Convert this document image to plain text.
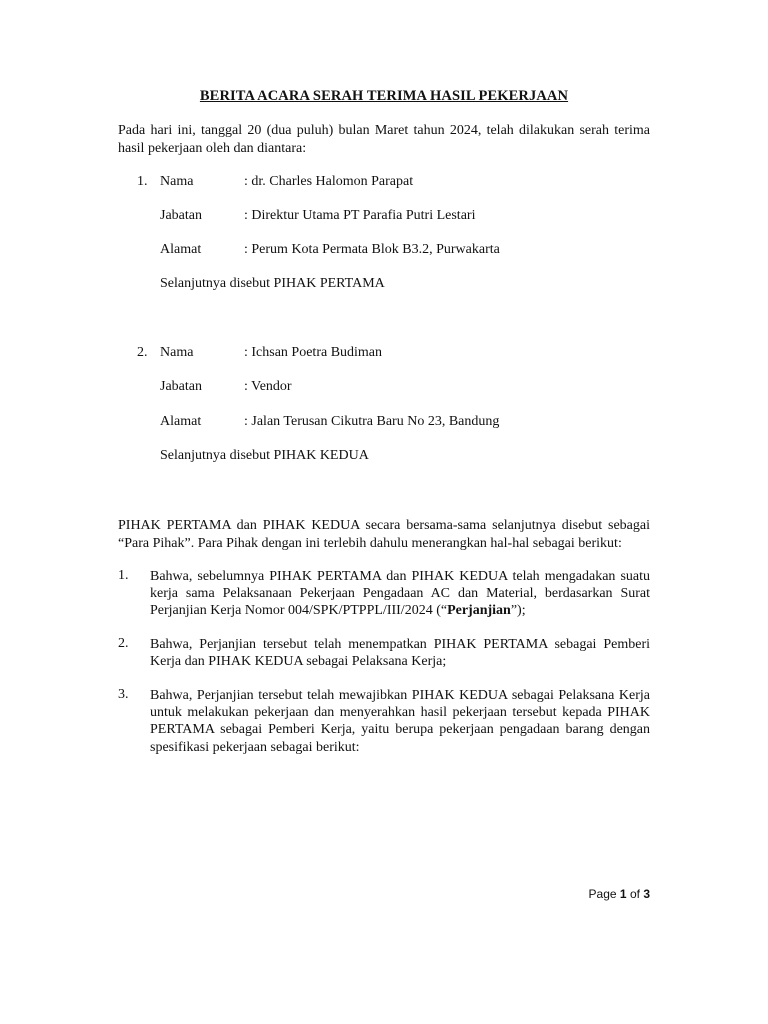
BERITA ACARA SERAH TERIMA HASIL PEKERJAAN
Pada hari ini, tanggal 20 (dua puluh) bulan Maret tahun 2024, telah dilakukan serah terima hasil pekerjaan oleh dan diantara:
1. Nama	: dr. Charles Halomon Parapat
Jabatan	: Direktur Utama PT Parafia Putri Lestari
Alamat	: Perum Kota Permata Blok B3.2, Purwakarta
Selanjutnya disebut PIHAK PERTAMA
2. Nama	: Ichsan Poetra Budiman
Jabatan	: Vendor
Alamat	: Jalan Terusan Cikutra Baru No 23, Bandung
Selanjutnya disebut PIHAK KEDUA
PIHAK PERTAMA dan PIHAK KEDUA secara bersama-sama selanjutnya disebut sebagai “Para Pihak”. Para Pihak dengan ini terlebih dahulu menerangkan hal-hal sebagai berikut:
1. Bahwa, sebelumnya PIHAK PERTAMA dan PIHAK KEDUA telah mengadakan suatu kerja sama Pelaksanaan Pekerjaan Pengadaan AC dan Material, berdasarkan Surat Perjanjian Kerja Nomor 004/SPK/PTPPL/III/2024 (“Perjanjian”);
2. Bahwa, Perjanjian tersebut telah menempatkan PIHAK PERTAMA sebagai Pemberi Kerja dan PIHAK KEDUA sebagai Pelaksana Kerja;
3. Bahwa, Perjanjian tersebut telah mewajibkan PIHAK KEDUA sebagai Pelaksana Kerja untuk melakukan pekerjaan dan menyerahkan hasil pekerjaan tersebut kepada PIHAK PERTAMA sebagai Pemberi Kerja, yaitu berupa pekerjaan pengadaan barang dengan spesifikasi pekerjaan sebagai berikut:
Page 1 of 3
